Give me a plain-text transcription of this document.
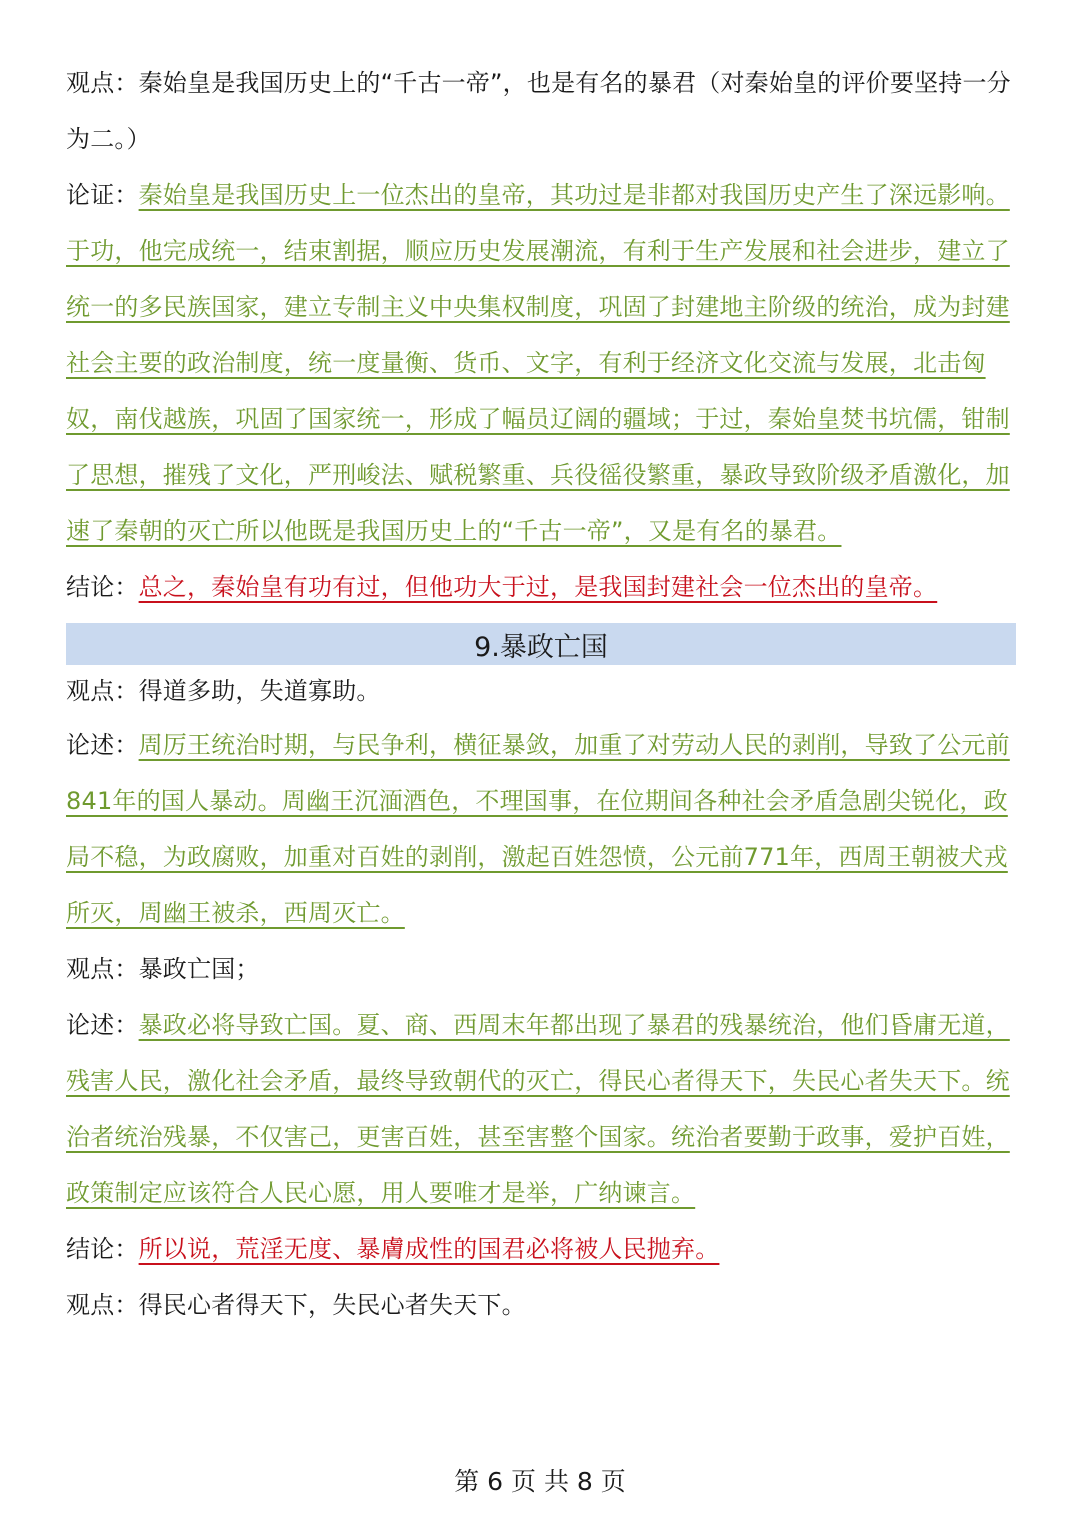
观点：秦始皇是我国历史上的“千古一帝”，也是有名的暴君（对秦始皇的评价要坚持一分为二。）

论证：秦始皇是我国历史上一位杰出的皇帝，其功过是非都对我国历史产生了深远影响。于功，他完成统一，结束割据，顺应历史发展潮流，有利于生产发展和社会进步，建立了统一的多民族国家，建立专制主义中央集权制度，巩固了封建地主阶级的统治，成为封建社会主要的政治制度，统一度量衡、货币、文字，有利于经济文化交流与发展，北击匈奴，南伐越族，巩固了国家统一，形成了幅员辽阔的疆域；于过，秦始皇焚书坑儒，钳制了思想，摧残了文化，严刑峻法、赋税繁重、兵役徭役繁重，暴政导致阶级矛盾激化，加速了秦朝的灭亡所以他既是我国历史上的“千古一帝”，又是有名的暴君。

结论：总之，秦始皇有功有过，但他功大于过，是我国封建社会一位杰出的皇帝。

9.暴政亡国

观点：得道多助，失道寡助。

论述：周厉王统治时期，与民争利，横征暴敛，加重了对劳动人民的剥削，导致了公元前841年的国人暴动。周幽王沉湎酒色，不理国事，在位期间各种社会矛盾急剧尖锐化，政局不稳，为政腐败，加重对百姓的剥削，激起百姓怨愤，公元前771年，西周王朝被犬戎所灭，周幽王被杀，西周灭亡。

观点：暴政亡国；

论述：暴政必将导致亡国。夏、商、西周末年都出现了暴君的残暴统治，他们昏庸无道，残害人民，激化社会矛盾，最终导致朝代的灭亡，得民心者得天下，失民心者失天下。统治者统治残暴，不仅害己，更害百姓，甚至害整个国家。统治者要勤于政事，爱护百姓，政策制定应该符合人民心愿，用人要唯才是举，广纳谏言。

结论：所以说，荒淫无度、暴膚成性的国君必将被人民抛弃。

观点：得民心者得天下，失民心者失天下。

第 6 页 共 8 页
